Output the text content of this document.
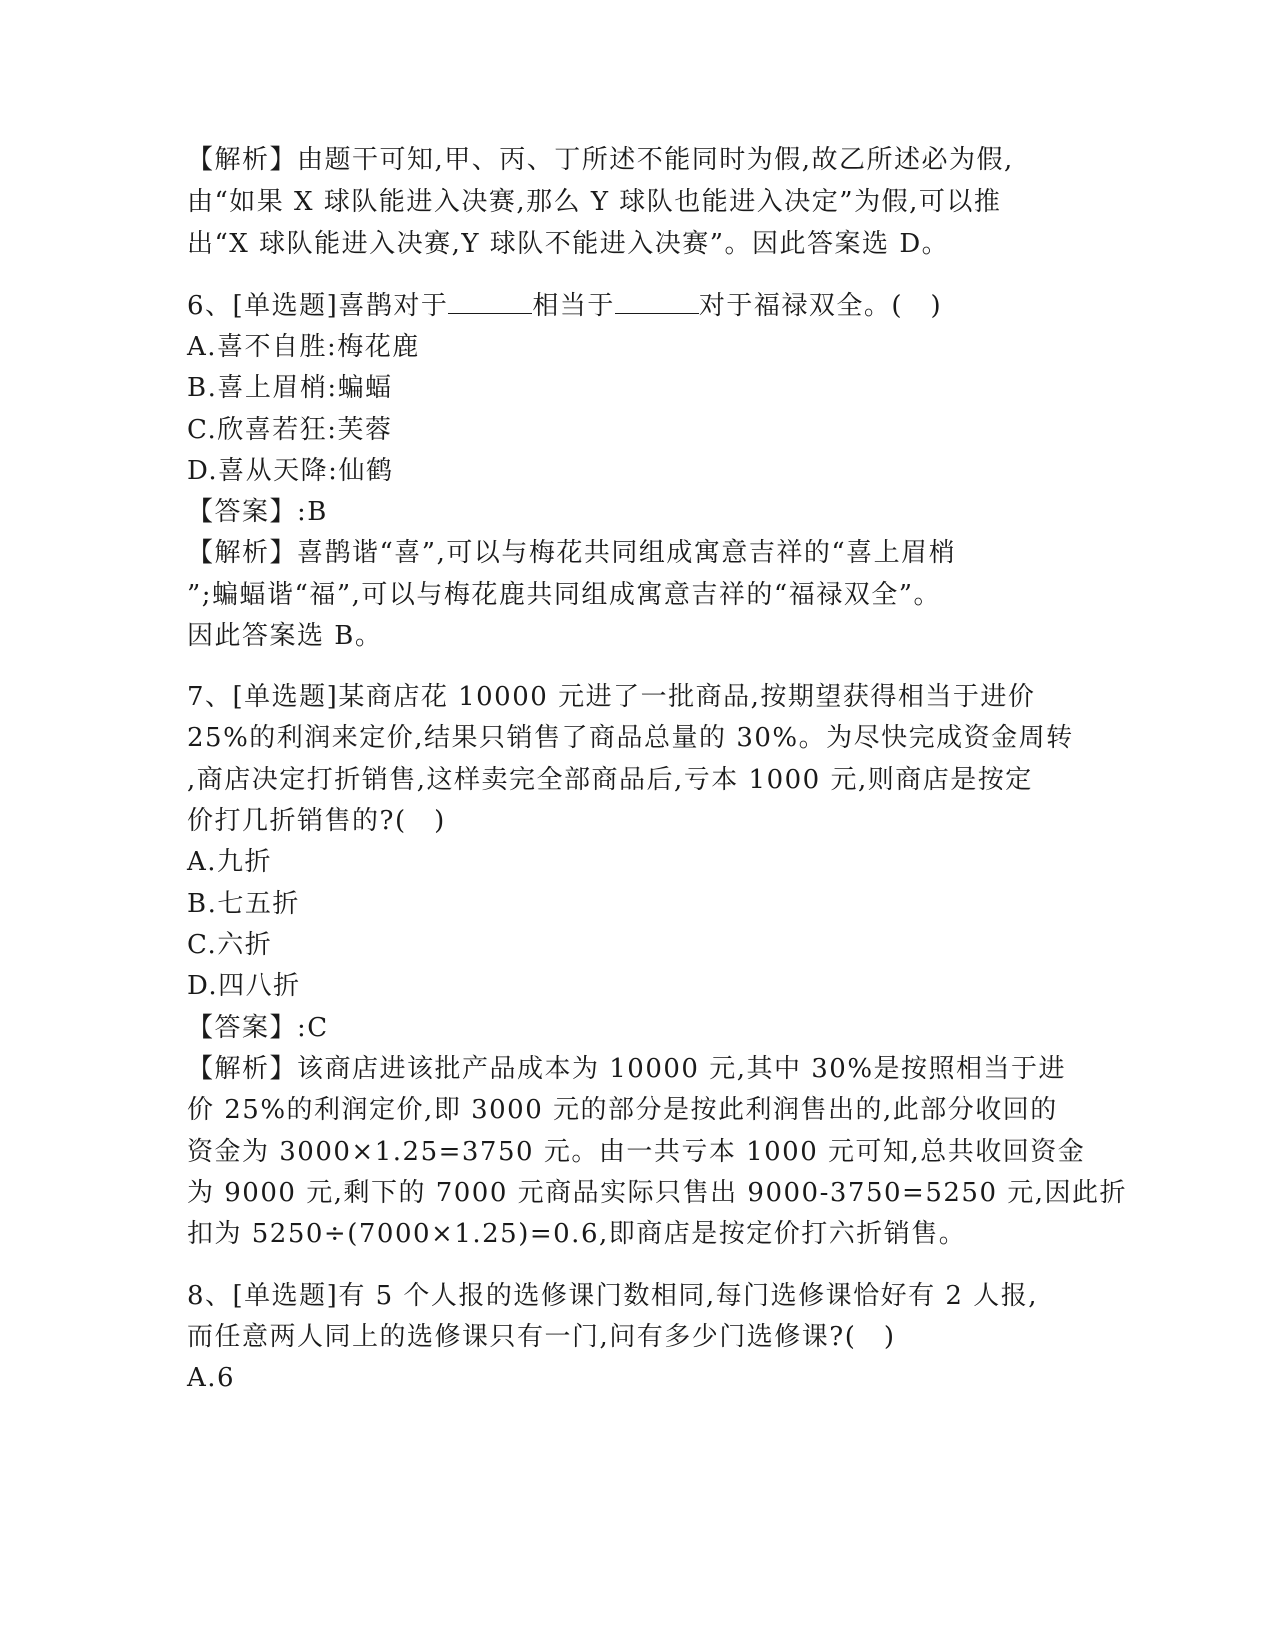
【解析】由题干可知,甲、丙、丁所述不能同时为假,故乙所述必为假,
由“如果 X 球队能进入决赛,那么 Y 球队也能进入决定”为假,可以推
出“X 球队能进入决赛,Y 球队不能进入决赛”。因此答案选 D。
6、[单选题]喜鹊对于	相当于	对于福禄双全。(　)
A.喜不自胜:梅花鹿
B.喜上眉梢:蝙蝠
C.欣喜若狂:芙蓉
D.喜从天降:仙鹤
【答案】:B
【解析】喜鹊谐“喜”,可以与梅花共同组成寓意吉祥的“喜上眉梢
”;蝙蝠谐“福”,可以与梅花鹿共同组成寓意吉祥的“福禄双全”。
因此答案选 B。
7、[单选题]某商店花 10000 元进了一批商品,按期望获得相当于进价
25%的利润来定价,结果只销售了商品总量的 30%。为尽快完成资金周转
,商店决定打折销售,这样卖完全部商品后,亏本 1000 元,则商店是按定
价打几折销售的?(　)
A.九折
B.七五折
C.六折
D.四八折
【答案】:C
【解析】该商店进该批产品成本为 10000 元,其中 30%是按照相当于进
价 25%的利润定价,即 3000 元的部分是按此利润售出的,此部分收回的
资金为 3000×1.25=3750 元。由一共亏本 1000 元可知,总共收回资金
为 9000 元,剩下的 7000 元商品实际只售出 9000-3750=5250 元,因此折
扣为 5250÷(7000×1.25)=0.6,即商店是按定价打六折销售。
8、[单选题]有 5 个人报的选修课门数相同,每门选修课恰好有 2 人报,
而任意两人同上的选修课只有一门,问有多少门选修课?(　)
A.6
